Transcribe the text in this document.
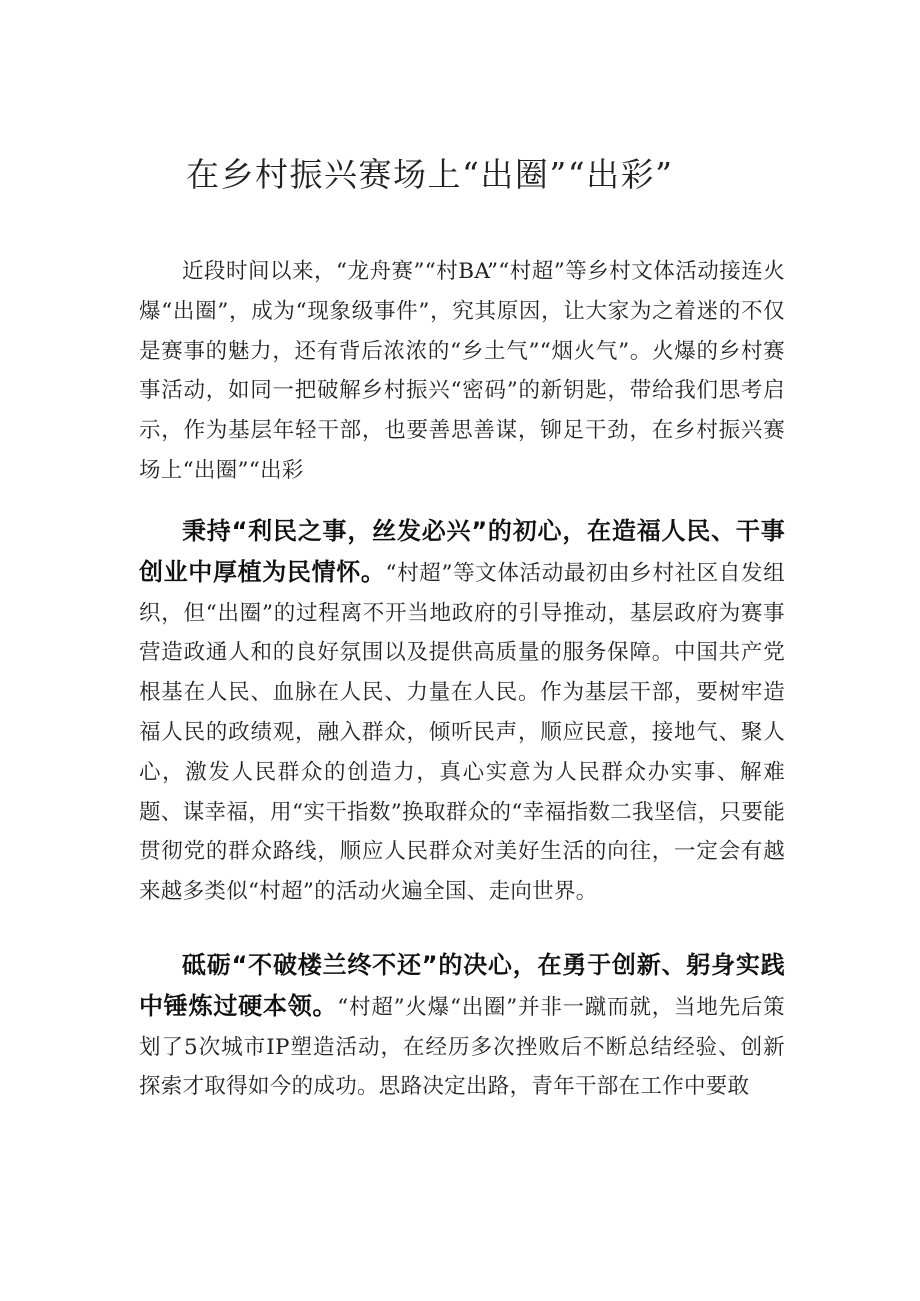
在乡村振兴赛场上“出圈”“出彩”
近段时间以来，“龙舟赛”“村BA”“村超”等乡村文体活动接连火爆“出圈”，成为“现象级事件”，究其原因，让大家为之着迷的不仅是赛事的魅力，还有背后浓浓的“乡土气”“烟火气”。火爆的乡村赛事活动，如同一把破解乡村振兴“密码”的新钥匙，带给我们思考启示，作为基层年轻干部，也要善思善谋，铆足干劲，在乡村振兴赛场上“出圈”“出彩
秉持“利民之事，丝发必兴”的初心，在造福人民、干事创业中厚植为民情怀。“村超”等文体活动最初由乡村社区自发组织，但“出圈”的过程离不开当地政府的引导推动，基层政府为赛事营造政通人和的良好氛围以及提供高质量的服务保障。中国共产党根基在人民、血脉在人民、力量在人民。作为基层干部，要树牢造福人民的政绩观，融入群众，倾听民声，顺应民意，接地气、聚人心，激发人民群众的创造力，真心实意为人民群众办实事、解难题、谋幸福，用“实干指数”换取群众的“幸福指数二我坚信，只要能贯彻党的群众路线，顺应人民群众对美好生活的向往，一定会有越来越多类似“村超”的活动火遍全国、走向世界。
砥砺“不破楼兰终不还”的决心，在勇于创新、躬身实践中锤炼过硬本领。“村超”火爆“出圈”并非一蹴而就，当地先后策划了5次城市IP塑造活动，在经历多次挫败后不断总结经验、创新探索才取得如今的成功。思路决定出路，青年干部在工作中要敢
